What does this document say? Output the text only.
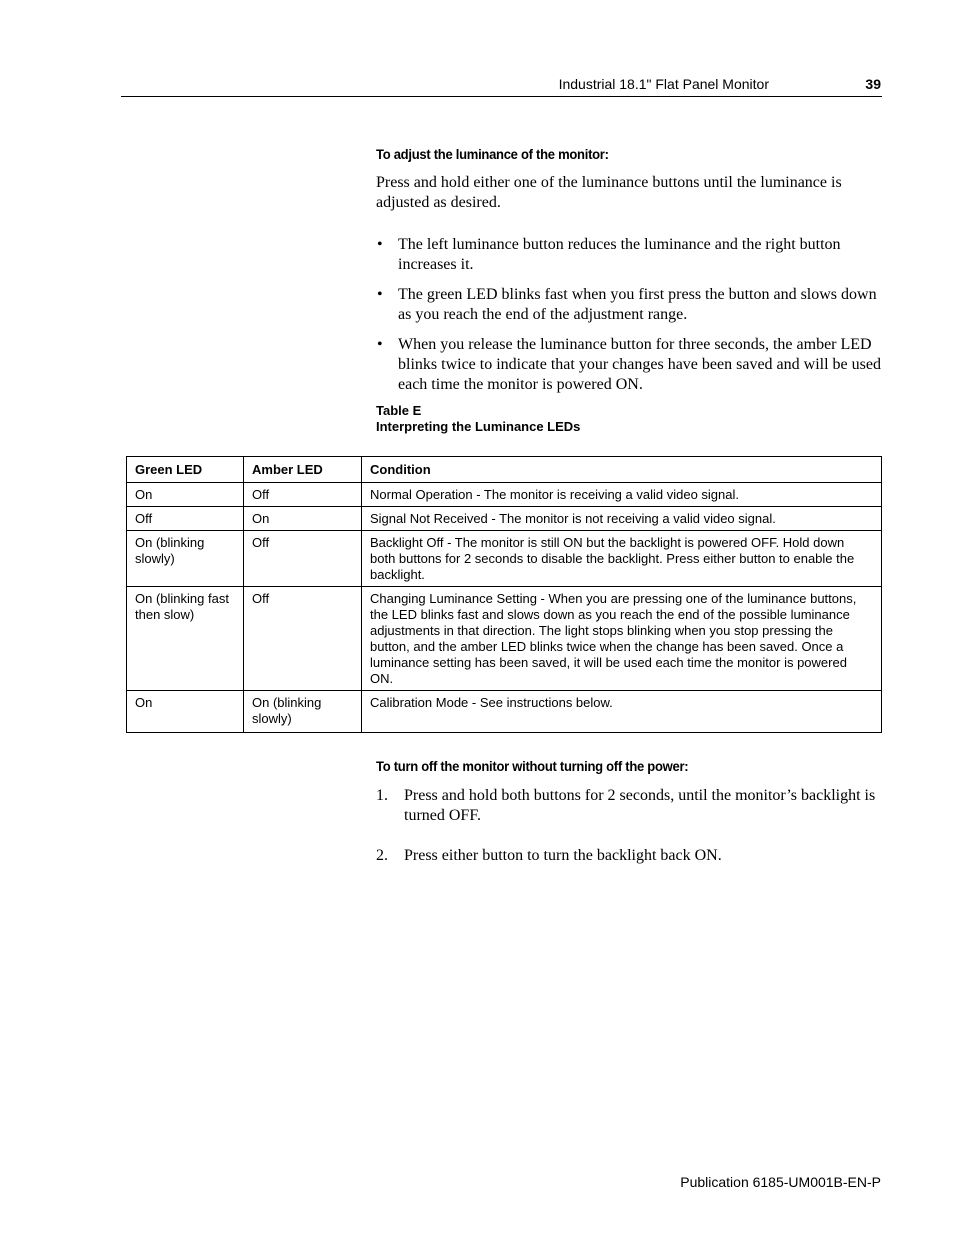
Industrial 18.1" Flat Panel Monitor	39
To adjust the luminance of the monitor:
Press and hold either one of the luminance buttons until the luminance is adjusted as desired.
• The left luminance button reduces the luminance and the right button increases it.
• The green LED blinks fast when you first press the button and slows down as you reach the end of the adjustment range.
• When you release the luminance button for three seconds, the amber LED blinks twice to indicate that your changes have been saved and will be used each time the monitor is powered ON.
Table E
Interpreting the Luminance LEDs
Green LED	Amber LED	Condition
On	Off	Normal Operation - The monitor is receiving a valid video signal.
Off	On	Signal Not Received - The monitor is not receiving a valid video signal.
On (blinking slowly)	Off	Backlight Off - The monitor is still ON but the backlight is powered OFF. Hold down both buttons for 2 seconds to disable the backlight. Press either button to enable the backlight.
On (blinking fast then slow)	Off	Changing Luminance Setting - When you are pressing one of the luminance buttons, the LED blinks fast and slows down as you reach the end of the possible luminance adjustments in that direction. The light stops blinking when you stop pressing the button, and the amber LED blinks twice when the change has been saved. Once a luminance setting has been saved, it will be used each time the monitor is powered ON.
On	On (blinking slowly)	Calibration Mode - See instructions below.
To turn off the monitor without turning off the power:
1. Press and hold both buttons for 2 seconds, until the monitor’s backlight is turned OFF.
2. Press either button to turn the backlight back ON.
Publication 6185-UM001B-EN-P
